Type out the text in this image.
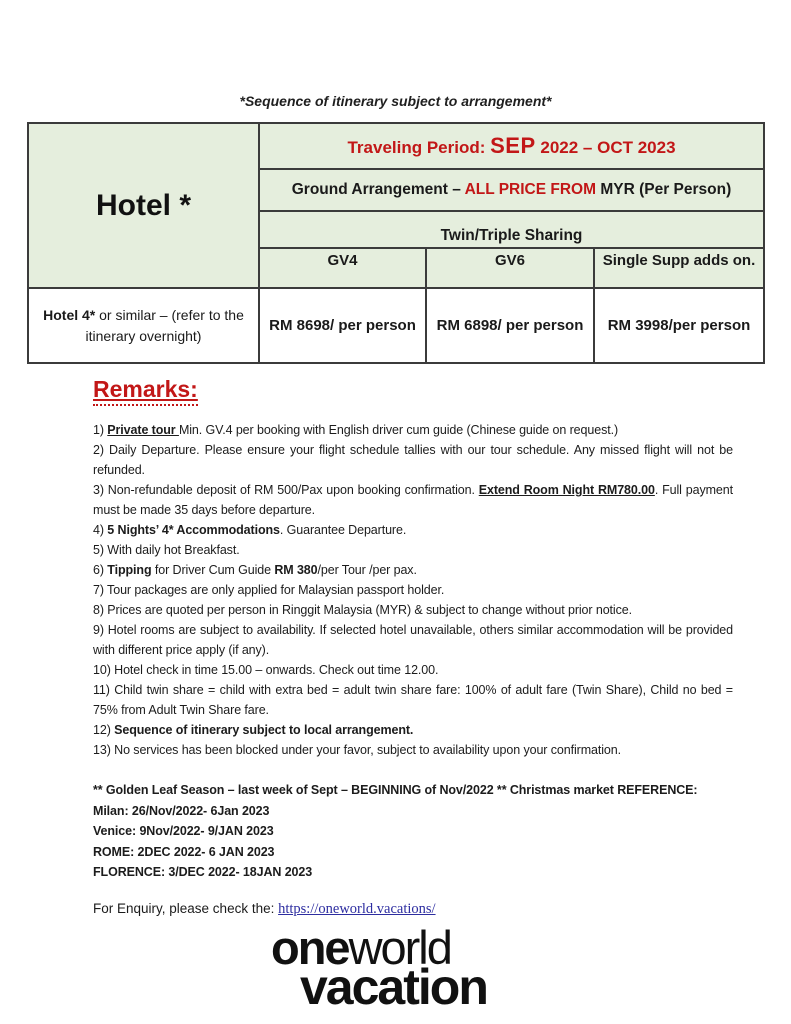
*Sequence of itinerary subject to arrangement*
Hotel *	Traveling Period: SEP 2022 – OCT 2023		
	Ground Arrangement – ALL PRICE FROM MYR (Per Person)		
	Twin/Triple Sharing		
	GV4	GV6	Single Supp adds on.

Hotel 4* or similar – (refer to the itinerary overnight)	RM 8698/ per person	RM 6898/ per person	RM 3998/per person
Remarks:
1) Private tour Min. GV.4 per booking with English driver cum guide (Chinese guide on request.)
2) Daily Departure. Please ensure your flight schedule tallies with our tour schedule. Any missed flight will not be refunded.
3) Non-refundable deposit of RM 500/Pax upon booking confirmation. Extend Room Night RM780.00. Full payment must be made 35 days before departure.
4) 5 Nights’ 4* Accommodations. Guarantee Departure.
5) With daily hot Breakfast.
6) Tipping for Driver Cum Guide RM 380/per Tour /per pax.
7) Tour packages are only applied for Malaysian passport holder.
8) Prices are quoted per person in Ringgit Malaysia (MYR) & subject to change without prior notice.
9) Hotel rooms are subject to availability. If selected hotel unavailable, others similar accommodation will be provided with different price apply (if any).
10) Hotel check in time 15.00 – onwards. Check out time 12.00.
11) Child twin share = child with extra bed = adult twin share fare: 100% of adult fare (Twin Share), Child no bed = 75% from Adult Twin Share fare.
12) Sequence of itinerary subject to local arrangement.
13) No services has been blocked under your favor, subject to availability upon your confirmation.
** Golden Leaf Season – last week of Sept – BEGINNING of Nov/2022 ** Christmas market REFERENCE:
Milan: 26/Nov/2022- 6Jan 2023
Venice: 9Nov/2022- 9/JAN 2023
ROME: 2DEC 2022- 6 JAN 2023
FLORENCE: 3/DEC 2022- 18JAN 2023
For Enquiry, please check the: https://oneworld.vacations/
oneworld
vacation
